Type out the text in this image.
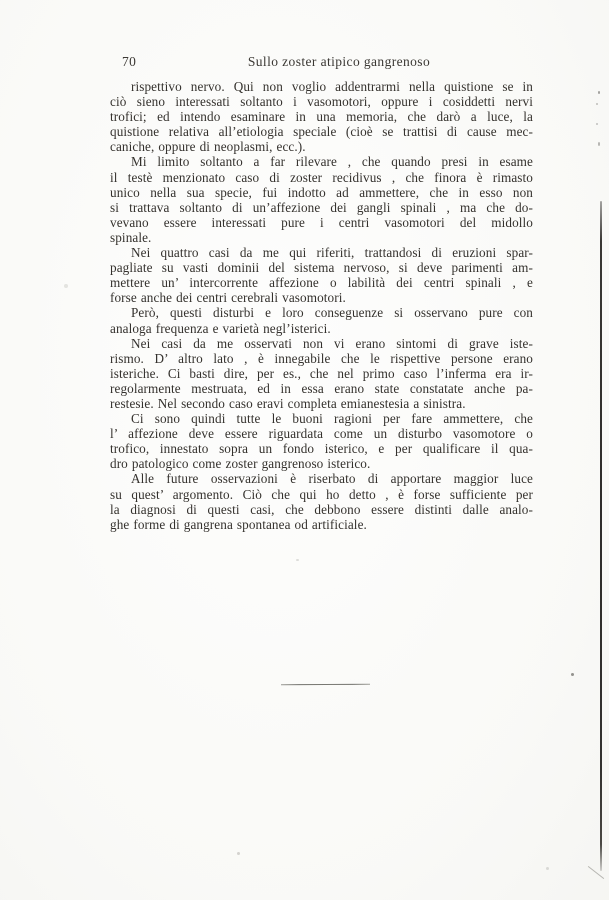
70	Sullo zoster atipico gangrenoso
rispettivo nervo. Qui non voglio addentrarmi nella quistione se in
ciò sieno interessati soltanto i vasomotori, oppure i cosiddetti nervi
trofici; ed intendo esaminare in una memoria, che darò a luce, la
quistione relativa all’etiologia speciale (cioè se trattisi di cause mec-
caniche, oppure di neoplasmi, ecc.).
Mi limito soltanto a far rilevare , che quando presi in esame
il testè menzionato caso di zoster recidivus , che finora è rimasto
unico nella sua specie, fui indotto ad ammettere, che in esso non
si trattava soltanto di un’affezione dei gangli spinali , ma che do-
vevano essere interessati pure i centri vasomotori del midollo
spinale.
Nei quattro casi da me qui riferiti, trattandosi di eruzioni spar-
pagliate su vasti dominii del sistema nervoso, si deve parimenti am-
mettere un’ intercorrente affezione o labilità dei centri spinali , e
forse anche dei centri cerebrali vasomotori.
Però, questi disturbi e loro conseguenze si osservano pure con
analoga frequenza e varietà negl’isterici.
Nei casi da me osservati non vi erano sintomi di grave iste-
rismo. D’ altro lato , è innegabile che le rispettive persone erano
isteriche. Ci basti dire, per es., che nel primo caso l’inferma era ir-
regolarmente mestruata, ed in essa erano state constatate anche pa-
restesie. Nel secondo caso eravi completa emianestesia a sinistra.
Ci sono quindi tutte le buoni ragioni per fare ammettere, che
l’ affezione deve essere riguardata come un disturbo vasomotore o
trofico, innestato sopra un fondo isterico, e per qualificare il qua-
dro patologico come zoster gangrenoso isterico.
Alle future osservazioni è riserbato di apportare maggior luce
su quest’ argomento. Ciò che qui ho detto , è forse sufficiente per
la diagnosi di questi casi, che debbono essere distinti dalle analo-
ghe forme di gangrena spontanea od artificiale.
